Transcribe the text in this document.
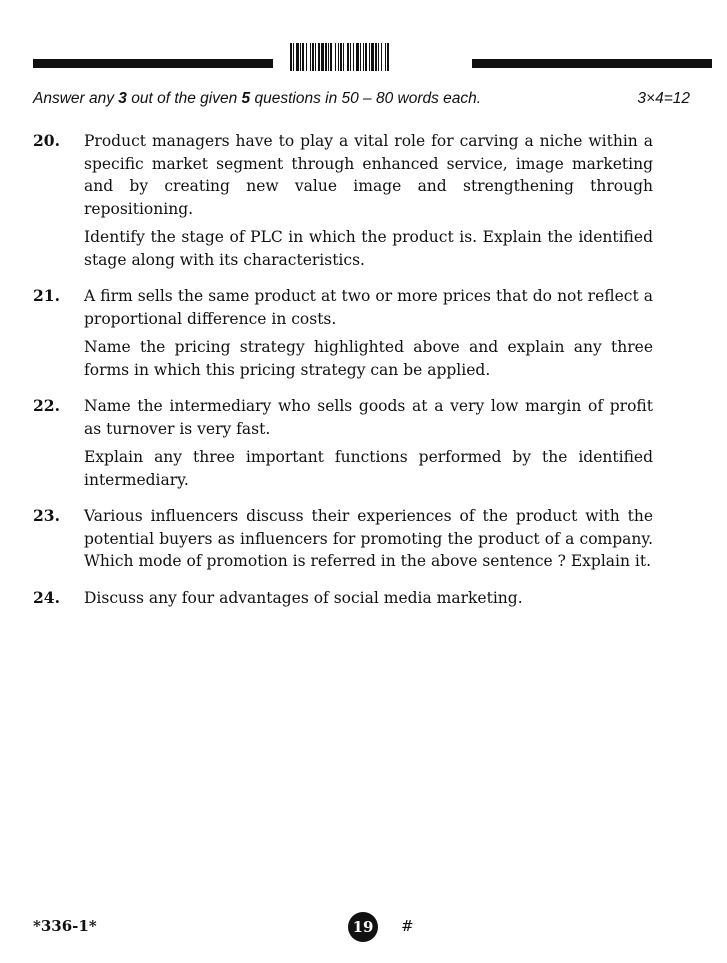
Answer any 3 out of the given 5 questions in 50 – 80 words each.	3×4=12
20.	Product managers have to play a vital role for carving a niche within a specific market segment through enhanced service, image marketing and by creating new value image and strengthening through repositioning.

Identify the stage of PLC in which the product is. Explain the identified stage along with its characteristics.

21.	A firm sells the same product at two or more prices that do not reflect a proportional difference in costs.

Name the pricing strategy highlighted above and explain any three forms in which this pricing strategy can be applied.

22.	Name the intermediary who sells goods at a very low margin of profit as turnover is very fast.

Explain any three important functions performed by the identified intermediary.

23.	Various influencers discuss their experiences of the product with the potential buyers as influencers for promoting the product of a company. Which mode of promotion is referred in the above sentence ? Explain it.

24.	Discuss any four advantages of social media marketing.

*336-1*	19	#
